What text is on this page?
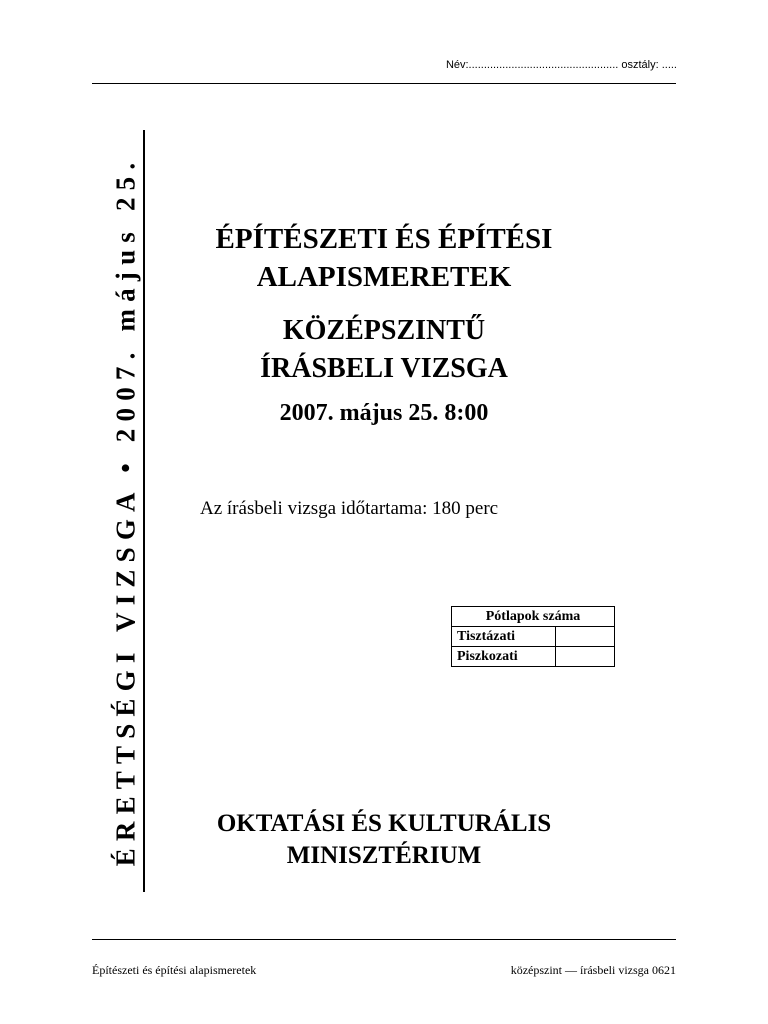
Név:................................................. osztály: .....
ÉRETTSÉGI VIZSGA • 2007. május 25.	ÉPÍTÉSZETI ÉS ÉPÍTÉSI
ALAPISMERETEK
KÖZÉPSZINTŰ
ÍRÁSBELI VIZSGA
2007. május 25. 8:00
Az írásbeli vizsga időtartama: 180 perc
Pótlapok száma	
Tisztázati	
Piszkozati	
OKTATÁSI ÉS KULTURÁLIS
MINISZTÉRIUM
Építészeti és építési alapismeretek	középszint — írásbeli vizsga 0621
